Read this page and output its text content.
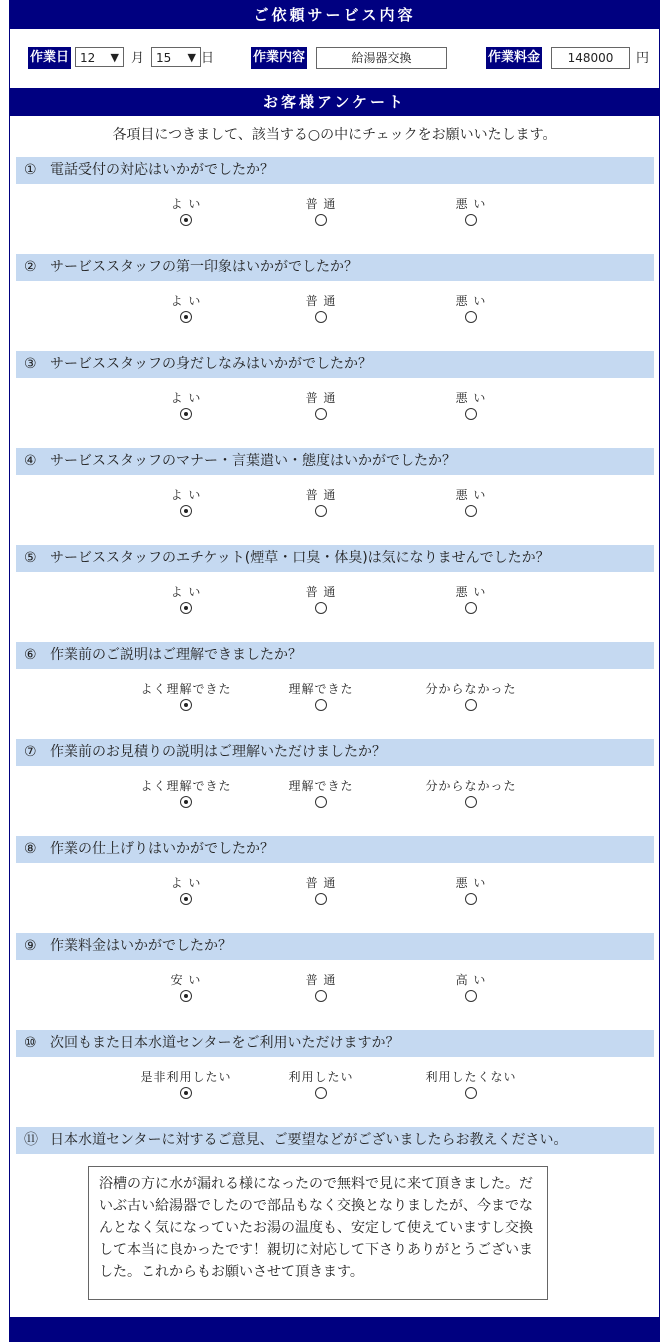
ご依頼サービス内容
作業日 12 ▼ 月 15 ▼ 日	作業内容	給湯器交換	作業料金	148000	円
お客様アンケート
各項目につきまして、該当する○の中にチェックをお願いいたします。
① 電話受付の対応はいかがでしたか？
よ い	普 通	悪 い
② サービススタッフの第一印象はいかがでしたか？
よ い	普 通	悪 い
③ サービススタッフの身だしなみはいかがでしたか？
よ い	普 通	悪 い
④ サービススタッフのマナー・言葉遣い・態度はいかがでしたか？
よ い	普 通	悪 い
⑤ サービススタッフのエチケット(煙草・口臭・体臭)は気になりませんでしたか？
よ い	普 通	悪 い
⑥ 作業前のご説明はご理解できましたか？
よく理解できた	理解できた	分からなかった
⑦ 作業前のお見積りの説明はご理解いただけましたか？
よく理解できた	理解できた	分からなかった
⑧ 作業の仕上げりはいかがでしたか？
よ い	普 通	悪 い
⑨ 作業料金はいかがでしたか？
安 い	普 通	高 い
⑩ 次回もまた日本水道センターをご利用いただけますか？
是非利用したい	利用したい	利用したくない
⑪ 日本水道センターに対するご意見、ご要望などがございましたらお教えください。
浴槽の方に水が漏れる様になったので無料で見に来て頂きました。だいぶ古い給湯器でしたので部品もなく交換となりましたが、今までなんとなく気になっていたお湯の温度も、安定して使えていますし交換して本当に良かったです！親切に対応して下さりありがとうございました。これからもお願いさせて頂きます。
